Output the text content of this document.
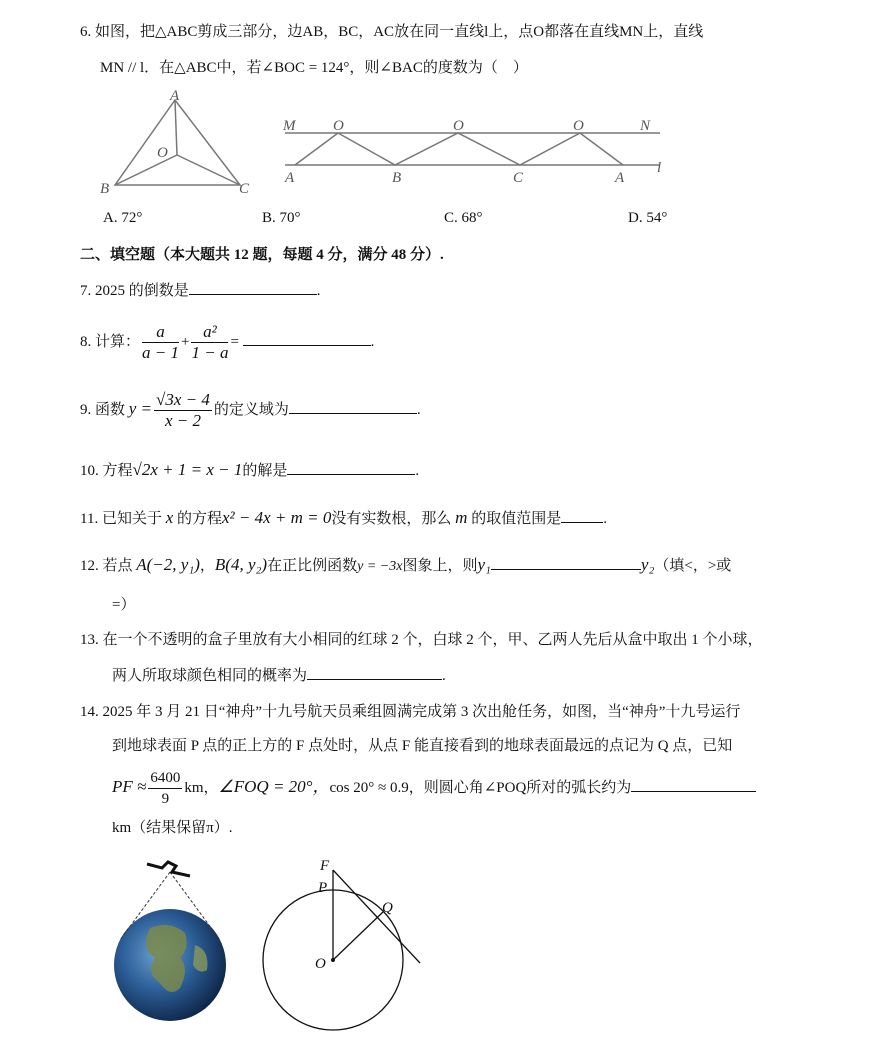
6. 如图，把△ABC剪成三部分，边AB，BC，AC放在同一直线l上，点O都落在直线MN上，直线
MN // l．在△ABC中，若∠BOC = 124°，则∠BAC的度数为（　）
A
O
B	C
M	O	O	O	N
A	B	C	A
l
A. 72°	B. 70°	C. 68°	D. 54°
二、填空题（本大题共 12 题，每题 4 分，满分 48 分）.
7. 2025 的倒数是	.
8. 计算： $\frac{a}{a - 1} + \frac{\text{a²}}{1 - a}$ =	.
9. 函数 $y = \frac{√3x - 4}{x - 2}$ 的定义域为	.
10. 方程√2x + 1 = x − 1的解是	.
11. 已知关于 x 的方程x² − 4x + m = 0没有实数根，那么 m 的取值范围是	.
12. 若点 A(−2, y₁)，B(4, y₂)在正比例函数y = −3x图象上，则y₁	y₂（填<，>或
=）
13. 在一个不透明的盒子里放有大小相同的红球 2 个，白球 2 个，甲、乙两人先后从盒中取出 1 个小球，
两人所取球颜色相同的概率为	.
14. 2025 年 3 月 21 日“神舟”十九号航天员乘组圆满完成第 3 次出舱任务，如图，当“神舟”十九号运行
到地球表面 P 点的正上方的 F 点处时，从点 F 能直接看到的地球表面最远的点记为 Q 点，已知
PF ≈ $\frac{6400}{9}$ km，∠FOQ = 20°，cos 20° ≈ 0.9，则圆心角∠POQ所对的弧长约为
km（结果保留π）.
F
P
Q
O
